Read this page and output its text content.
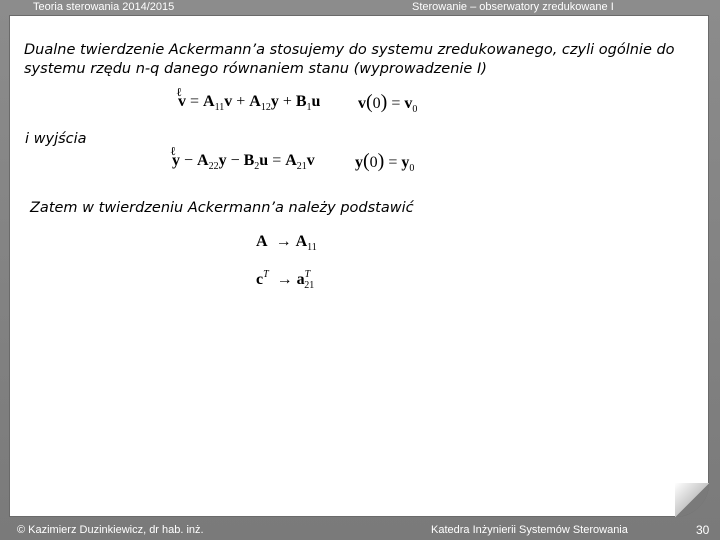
Teoria sterowania 2014/2015	Sterowanie – obserwatory zredukowane I
Dualne twierdzenie Ackermann’a stosujemy do systemu zredukowanego, czyli ogólnie do
systemu rzędu n-q danego równaniem stanu (wyprowadzenie I)
ℓ $v = A_{11}v + A_{12}y + B_1u$ $v(0) = v_0$
i wyjścia
ℓ $y - A_{22}y - B_2u = A_{21}v$	$y(0) = y_0$
Zatem w twierdzeniu Ackermann’a należy podstawić
$A \to A_{11}$
$c^T \to a^T_{21}$
© Kazimierz Duzinkiewicz, dr hab. inż.	Katedra Inżynierii Systemów Sterowania	30
